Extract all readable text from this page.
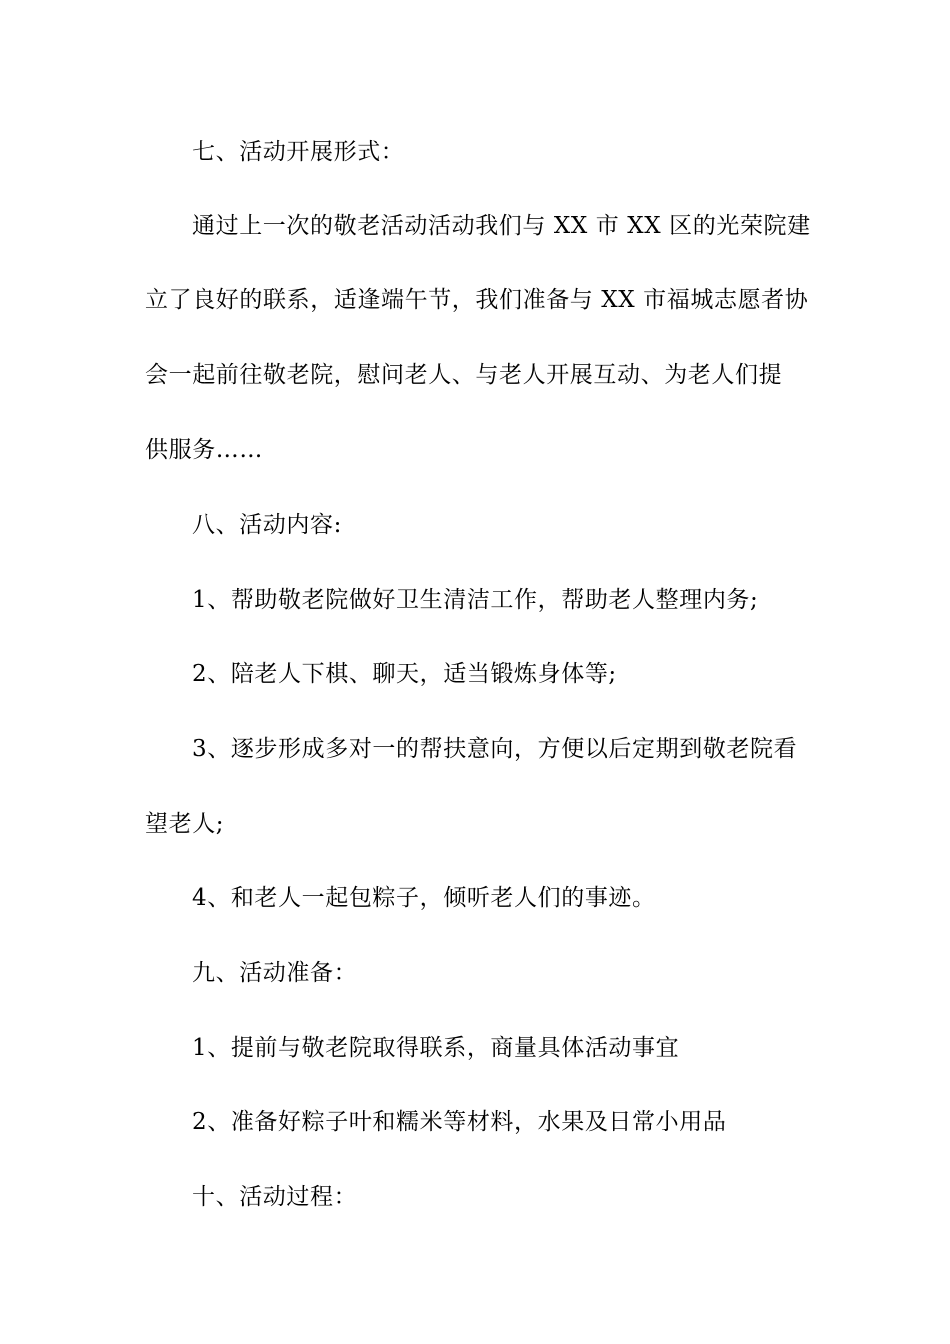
七、活动开展形式：
通过上一次的敬老活动活动我们与 XX 市 XX 区的光荣院建
立了良好的联系，适逢端午节，我们准备与 XX 市福城志愿者协
会一起前往敬老院，慰问老人、与老人开展互动、为老人们提
供服务……
八、活动内容:
1、帮助敬老院做好卫生清洁工作，帮助老人整理内务;
2、陪老人下棋、聊天，适当锻炼身体等;
3、逐步形成多对一的帮扶意向，方便以后定期到敬老院看
望老人;
4、和老人一起包粽子，倾听老人们的事迹。
九、活动准备：
1、提前与敬老院取得联系，商量具体活动事宜
2、准备好粽子叶和糯米等材料，水果及日常小用品
十、活动过程：
